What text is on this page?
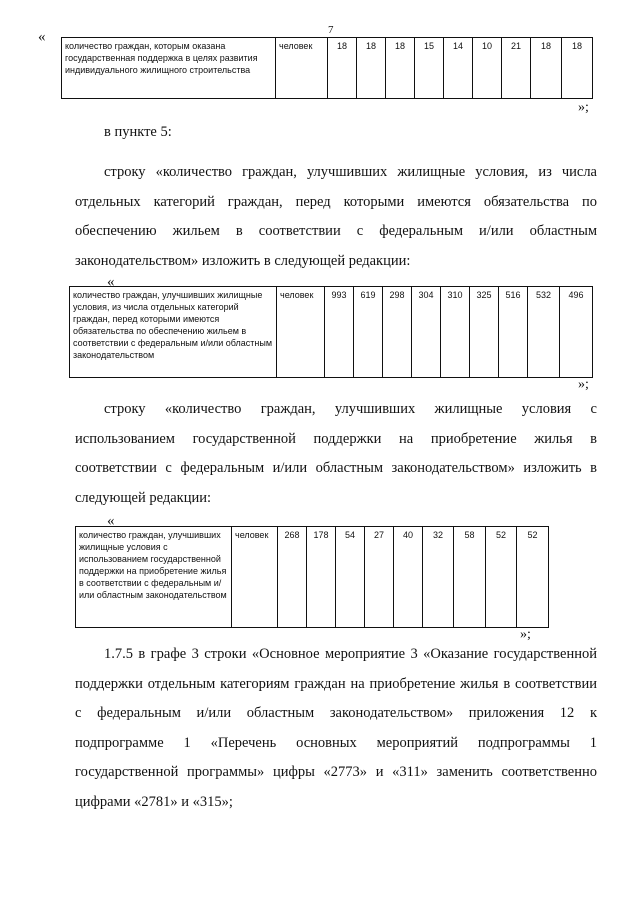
7
«
количество граждан, которым оказана государственная поддержка в целях развития индивидуального жилищного строительства	человек	18	18	18	15	14	10	21	18	18
»;
в пункте 5:
строку «количество граждан, улучшивших жилищные условия, из числа отдельных категорий граждан, перед которыми имеются обязательства по обеспечению жильем в соответствии с федеральным и/или областным законодательством» изложить в следующей редакции:
«
количество граждан, улучшивших жилищные условия, из числа отдельных категорий граждан, перед которыми имеются обязательства по обеспечению жильем в соответствии с федеральным и/или областным законодательством	человек	993	619	298	304	310	325	516	532	496
»;
строку «количество граждан, улучшивших жилищные условия с использованием государственной поддержки на приобретение жилья в соответствии с федеральным и/или областным законодательством» изложить в следующей редакции:
«
количество граждан, улучшивших жилищные условия с использованием государственной поддержки на приобретение жилья в соответствии с федеральным и/или областным законодательством	человек	268	178	54	27	40	32	58	52	52
»;
1.7.5 в графе 3 строки «Основное мероприятие 3 «Оказание государственной поддержки отдельным категориям граждан на приобретение жилья в соответствии с федеральным и/или областным законодательством» приложения 12 к подпрограмме 1 «Перечень основных мероприятий подпрограммы 1 государственной программы» цифры «2773» и «311» заменить соответственно цифрами «2781» и «315»;
